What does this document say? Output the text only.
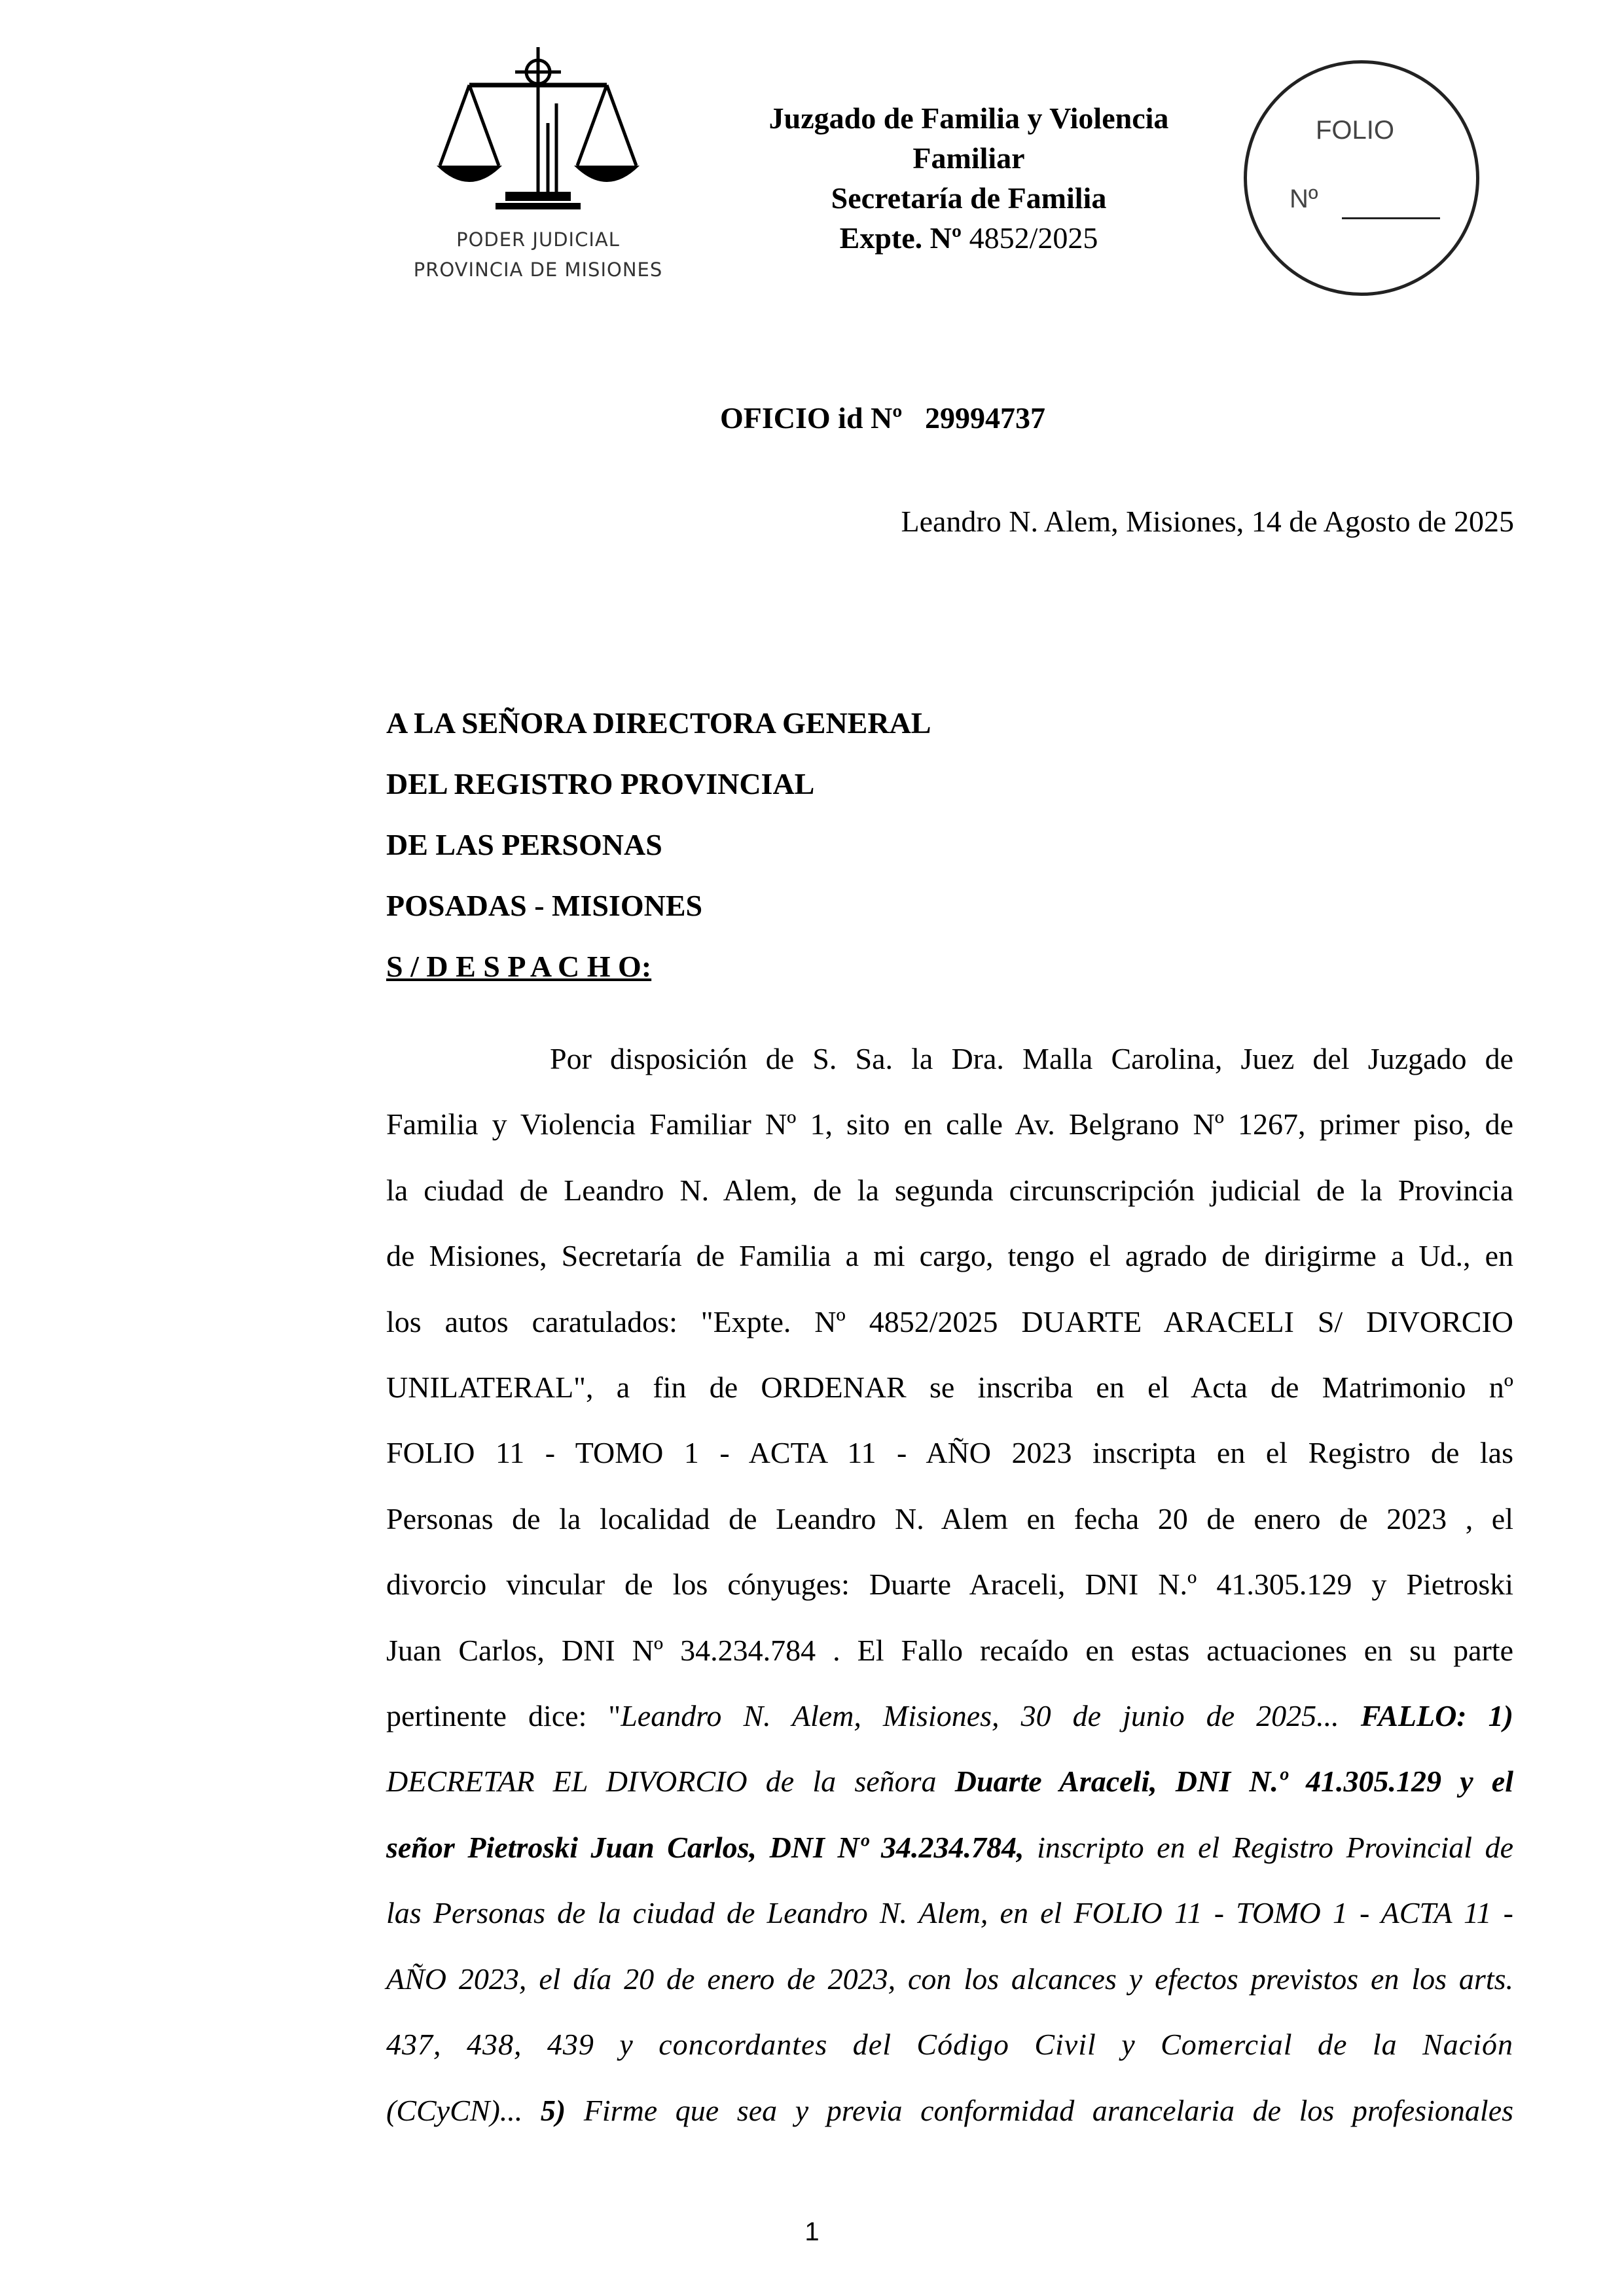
PODER JUDICIAL
PROVINCIA DE MISIONES
Juzgado de Familia y Violencia
Familiar
Secretaría de Familia
Expte. Nº 4852/2025
FOLIO
Nº
OFICIO id Nº 29994737
Leandro N. Alem, Misiones, 14 de Agosto de 2025
A LA SEÑORA DIRECTORA GENERAL
DEL REGISTRO PROVINCIAL
DE LAS PERSONAS
POSADAS - MISIONES
S / D E S P A C H O:
Por disposición de S. Sa. la Dra. Malla Carolina, Juez del Juzgado de
Familia y Violencia Familiar Nº 1, sito en calle Av. Belgrano Nº 1267, primer piso, de
la ciudad de Leandro N. Alem, de la segunda circunscripción judicial de la Provincia
de Misiones, Secretaría de Familia a mi cargo, tengo el agrado de dirigirme a Ud., en
los autos caratulados: "Expte. Nº 4852/2025 DUARTE ARACELI S/ DIVORCIO
UNILATERAL", a fin de ORDENAR se inscriba en el Acta de Matrimonio nº
FOLIO 11 - TOMO 1 - ACTA 11 - AÑO 2023 inscripta en el Registro de las
Personas de la localidad de Leandro N. Alem en fecha 20 de enero de 2023 , el
divorcio vincular de los cónyuges: Duarte Araceli, DNI N.º 41.305.129 y Pietroski
Juan Carlos, DNI Nº 34.234.784 . El Fallo recaído en estas actuaciones en su parte
pertinente dice: "Leandro N. Alem, Misiones, 30 de junio de 2025... FALLO: 1)
DECRETAR EL DIVORCIO de la señora Duarte Araceli, DNI N.º 41.305.129 y el
señor Pietroski Juan Carlos, DNI Nº 34.234.784, inscripto en el Registro Provincial de
las Personas de la ciudad de Leandro N. Alem, en el FOLIO 11 - TOMO 1 - ACTA 11 -
AÑO 2023, el día 20 de enero de 2023, con los alcances y efectos previstos en los arts.
437, 438, 439 y concordantes del Código Civil y Comercial de la Nación
(CCyCN)... 5) Firme que sea y previa conformidad arancelaria de los profesionales
1
